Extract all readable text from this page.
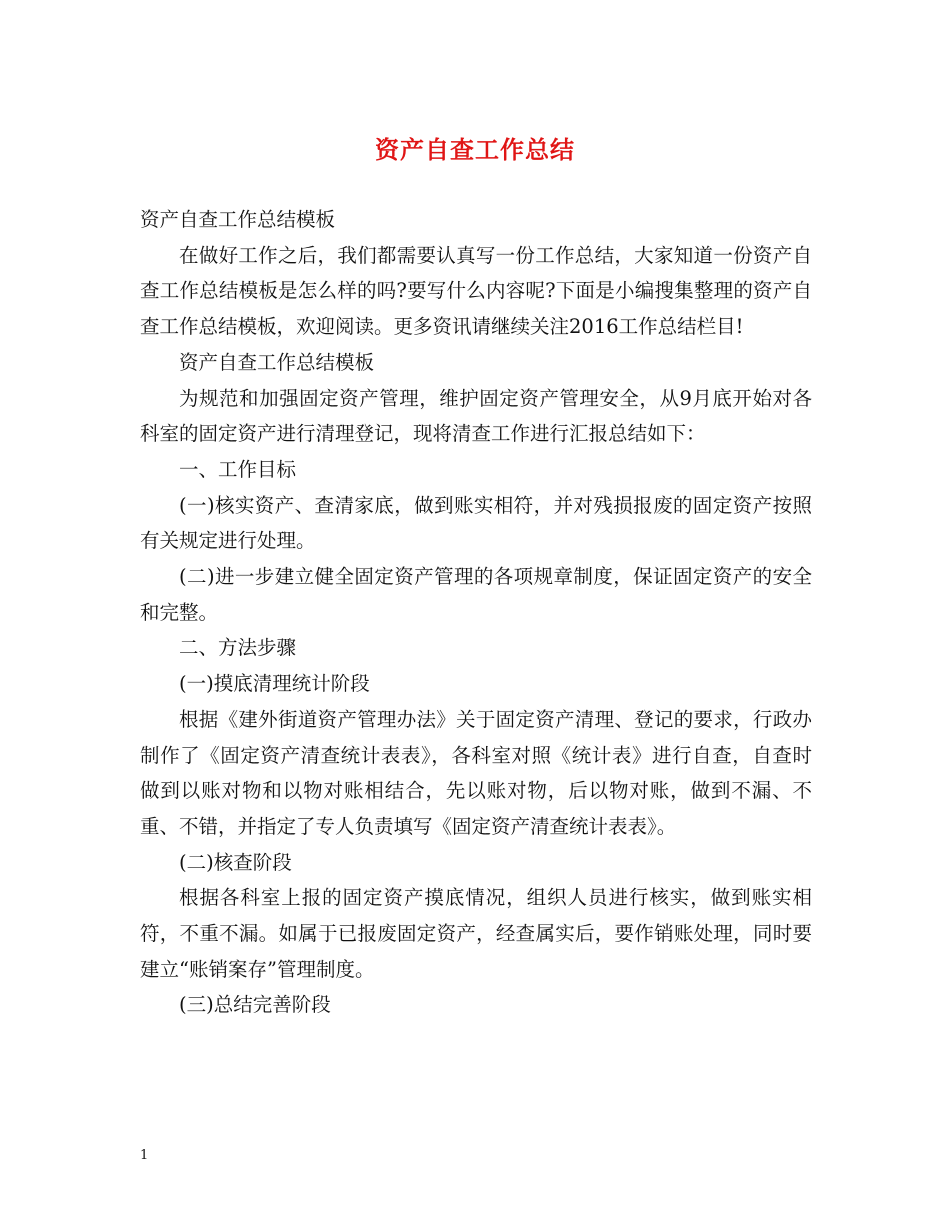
资产自查工作总结

资产自查工作总结模板

在做好工作之后，我们都需要认真写一份工作总结，大家知道一份资产自查工作总结模板是怎么样的吗?要写什么内容呢?下面是小编搜集整理的资产自查工作总结模板，欢迎阅读。更多资讯请继续关注2016工作总结栏目!

资产自查工作总结模板

为规范和加强固定资产管理，维护固定资产管理安全，从9月底开始对各科室的固定资产进行清理登记，现将清查工作进行汇报总结如下：

一、工作目标

(一)核实资产、查清家底，做到账实相符，并对残损报废的固定资产按照有关规定进行处理。

(二)进一步建立健全固定资产管理的各项规章制度，保证固定资产的安全和完整。

二、方法步骤

(一)摸底清理统计阶段

根据《建外街道资产管理办法》关于固定资产清理、登记的要求，行政办制作了《固定资产清查统计表表》，各科室对照《统计表》进行自查，自查时做到以账对物和以物对账相结合，先以账对物，后以物对账，做到不漏、不重、不错，并指定了专人负责填写《固定资产清查统计表表》。

(二)核查阶段

根据各科室上报的固定资产摸底情况，组织人员进行核实，做到账实相符，不重不漏。如属于已报废固定资产，经查属实后，要作销账处理，同时要建立“账销案存”管理制度。

(三)总结完善阶段

1
